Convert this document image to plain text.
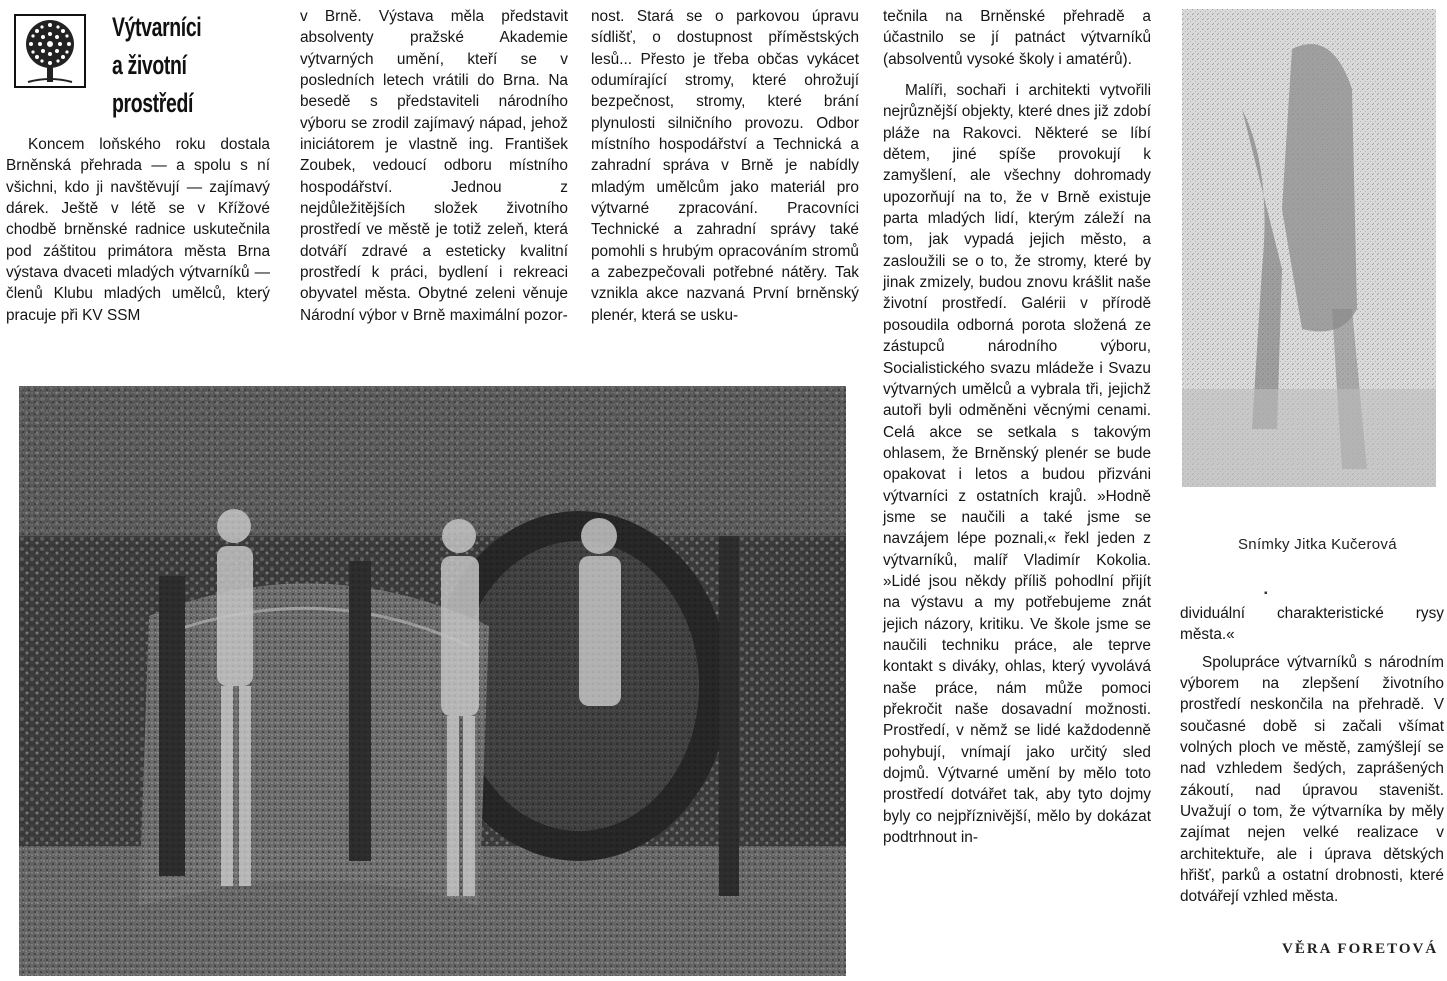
Výtvarníci
a životní
prostředí

Koncem loňského roku dostala Brněnská přehrada — a spolu s ní všichni, kdo ji navštěvují — zajímavý dárek. Ještě v létě se v Křížové chodbě brněnské radnice uskutečnila pod záštitou primátora města Brna výstava dvaceti mladých výtvarníků — členů Klubu mladých umělců, který pracuje při KV SSM

v Brně. Výstava měla představit absolventy pražské Akademie výtvarných umění, kteří se v posledních letech vrátili do Brna. Na besedě s představiteli národního výboru se zrodil zajímavý nápad, jehož iniciátorem je vlastně ing. František Zoubek, vedoucí odboru místního hospodářství. Jednou z nejdůležitějších složek životního prostředí ve městě je totiž zeleň, která dotváří zdravé a esteticky kvalitní prostředí k práci, bydlení i rekreaci obyvatel města. Obytné zeleni věnuje Národní výbor v Brně maximální pozor-

nost. Stará se o parkovou úpravu sídlišť, o dostupnost příměstských lesů... Přesto je třeba občas vykácet odumírající stromy, které ohrožují bezpečnost, stromy, které brání plynulosti silničního provozu. Odbor místního hospodářství a Technická a zahradní správa v Brně je nabídly mladým umělcům jako materiál pro výtvarné zpracování. Pracovníci Technické a zahradní správy také pomohli s hrubým opracováním stromů a zabezpečovali potřebné nátěry. Tak vznikla akce nazvaná První brněnský plenér, která se usku-

tečnila na Brněnské přehradě a účastnilo se jí patnáct výtvarníků (absolventů vysoké školy i amatérů).

Malíři, sochaři i architekti vytvořili nejrůznější objekty, které dnes již zdobí pláže na Rakovci. Některé se líbí dětem, jiné spíše provokují k zamyšlení, ale všechny dohromady upozorňují na to, že v Brně existuje parta mladých lidí, kterým záleží na tom, jak vypadá jejich město, a zasloužili se o to, že stromy, které by jinak zmizely, budou znovu krášlit naše životní prostředí. Galérii v přírodě posoudila odborná porota složená ze zástupců národního výboru, Socialistického svazu mládeže i Svazu výtvarných umělců a vybrala tři, jejichž autoři byli odměněni věcnými cenami. Celá akce se setkala s takovým ohlasem, že Brněnský plenér se bude opakovat i letos a budou přizváni výtvarníci z ostatních krajů. »Hodně jsme se naučili a také jsme se navzájem lépe poznali,« řekl jeden z výtvarníků, malíř Vladimír Kokolia. »Lidé jsou někdy příliš pohodlní přijít na výstavu a my potřebujeme znát jejich názory, kritiku. Ve škole jsme se naučili techniku práce, ale teprve kontakt s diváky, ohlas, který vyvolává naše práce, nám může pomoci překročit naše dosavadní možnosti. Prostředí, v němž se lidé každodenně pohybují, vnímají jako určitý sled dojmů. Výtvarné umění by mělo toto prostředí dotvářet tak, aby tyto dojmy byly co nejpříznivější, mělo by dokázat podtrhnout in-

dividuální charakteristické rysy města.«

Spolupráce výtvarníků s národním výborem na zlepšení životního prostředí neskončila na přehradě. V současné době si začali všímat volných ploch ve městě, zamýšlejí se nad vzhledem šedých, zaprášených zákoutí, nad úpravou staveništ. Uvažují o tom, že výtvarníka by měly zajímat nejen velké realizace v architektuře, ale i úprava dětských hřišť, parků a ostatní drobnosti, které dotvářejí vzhled města.

Snímky Jitka Kučerová
▪
VĚRA FORETOVÁ
